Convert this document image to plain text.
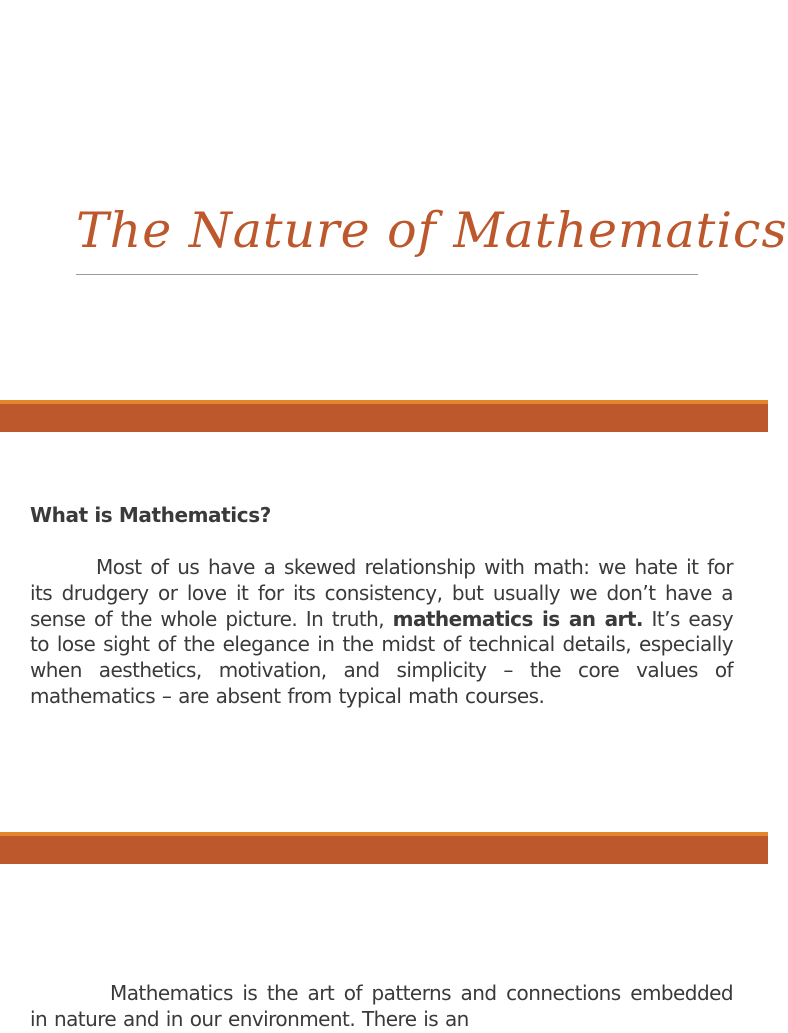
The Nature of Mathematics
What is Mathematics?

Most of us have a skewed relationship with math: we hate it for its drudgery or love it for its consistency, but usually we don’t have a sense of the whole picture. In truth, mathematics is an art. It’s easy to lose sight of the elegance in the midst of technical details, especially when aesthetics, motivation, and simplicity – the core values of mathematics – are absent from typical math courses.

Mathematics is the art of patterns and connections embedded in nature and in our environment. There is an
